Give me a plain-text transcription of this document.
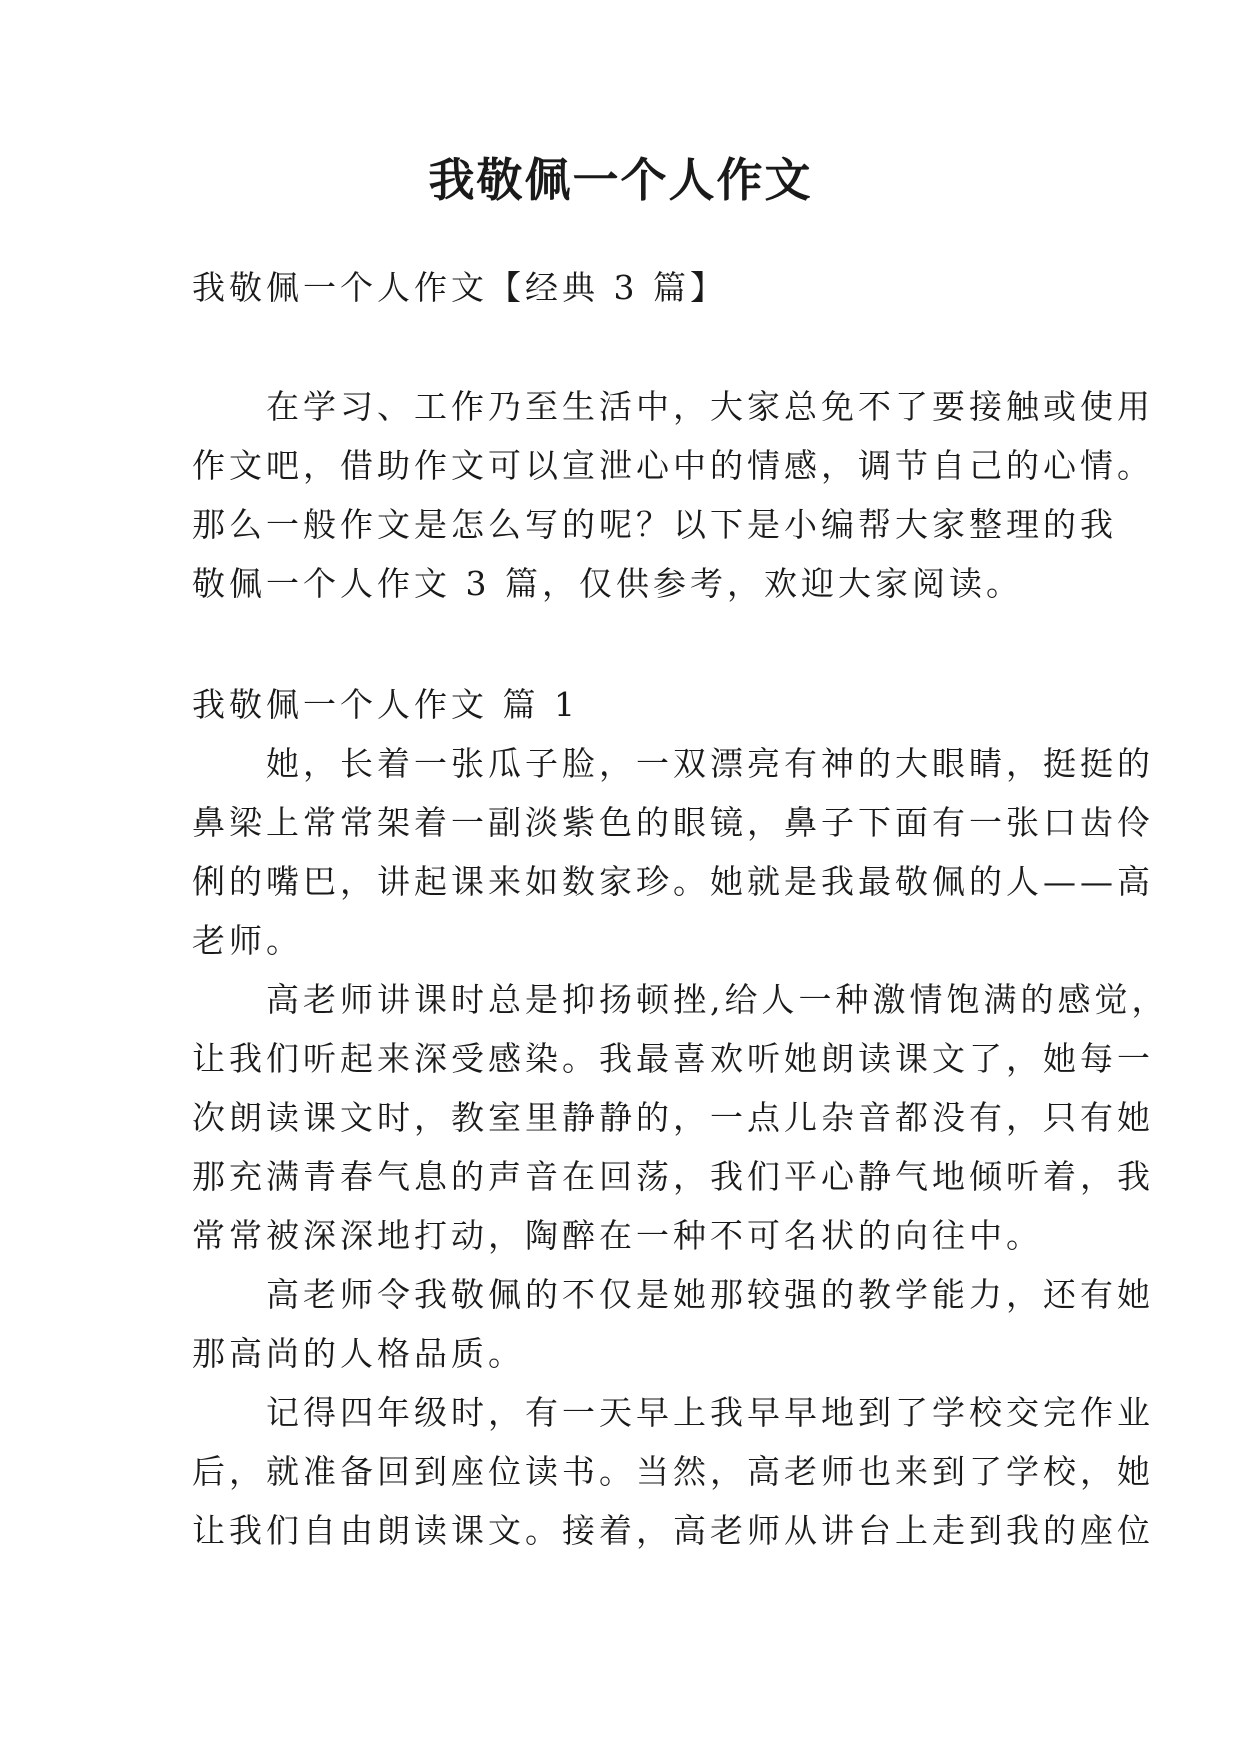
我敬佩一个人作文
我敬佩一个人作文【经典 3 篇】
　　在学习、工作乃至生活中，大家总免不了要接触或使用
作文吧，借助作文可以宣泄心中的情感，调节自己的心情。
那么一般作文是怎么写的呢？以下是小编帮大家整理的我
敬佩一个人作文 3 篇，仅供参考，欢迎大家阅读。
我敬佩一个人作文 篇 1
　　她，长着一张瓜子脸，一双漂亮有神的大眼睛，挺挺的
鼻梁上常常架着一副淡紫色的眼镜，鼻子下面有一张口齿伶
俐的嘴巴，讲起课来如数家珍。她就是我最敬佩的人——高
老师。
　　高老师讲课时总是抑扬顿挫,给人一种激情饱满的感觉，
让我们听起来深受感染。我最喜欢听她朗读课文了，她每一
次朗读课文时，教室里静静的，一点儿杂音都没有，只有她
那充满青春气息的声音在回荡，我们平心静气地倾听着，我
常常被深深地打动，陶醉在一种不可名状的向往中。
　　高老师令我敬佩的不仅是她那较强的教学能力，还有她
那高尚的人格品质。
　　记得四年级时，有一天早上我早早地到了学校交完作业
后，就准备回到座位读书。当然，高老师也来到了学校，她
让我们自由朗读课文。接着，高老师从讲台上走到我的座位
